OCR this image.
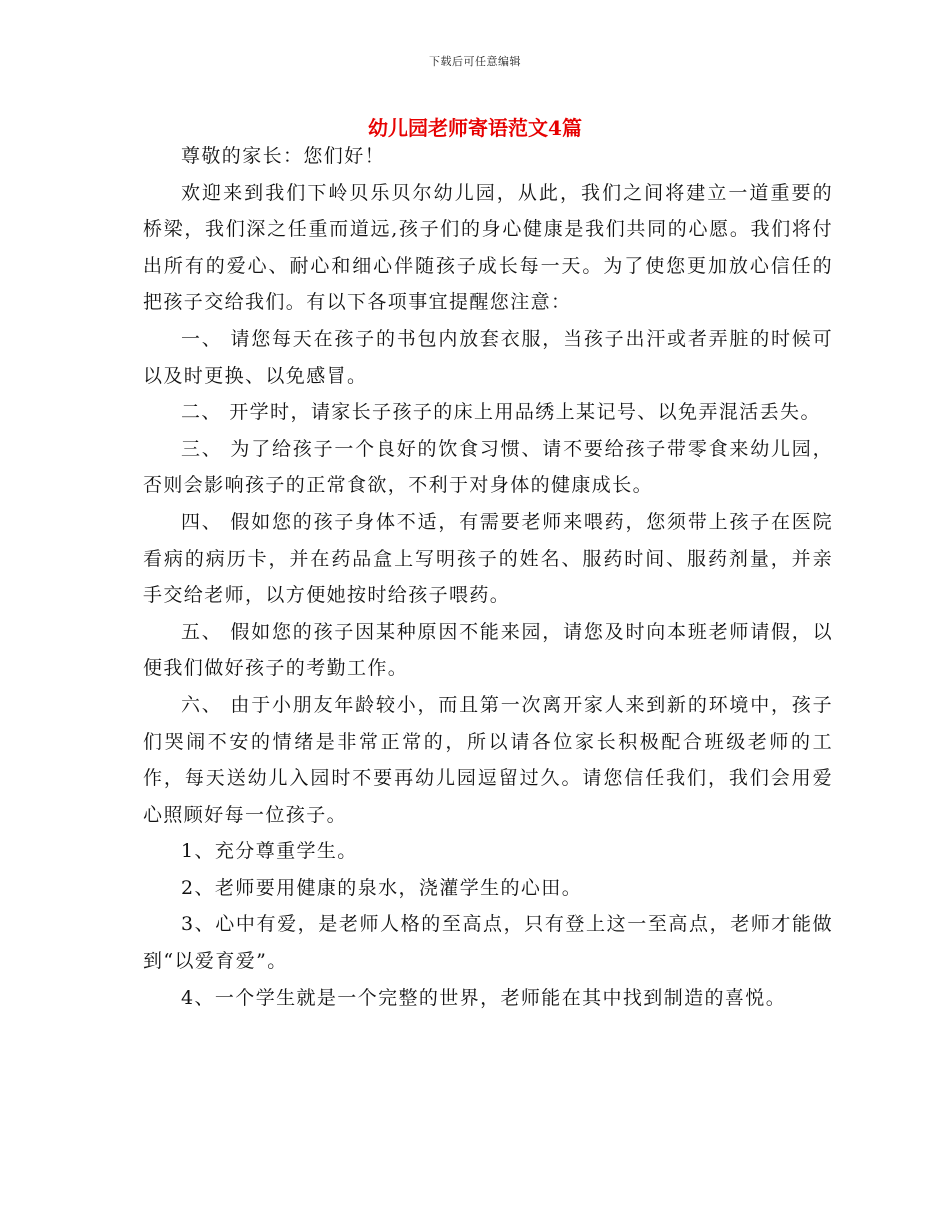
下载后可任意编辑
幼儿园老师寄语范文4篇

尊敬的家长：您们好！

欢迎来到我们下岭贝乐贝尔幼儿园，从此，我们之间将建立一道重要的桥梁，我们深之任重而道远,孩子们的身心健康是我们共同的心愿。我们将付出所有的爱心、耐心和细心伴随孩子成长每一天。为了使您更加放心信任的把孩子交给我们。有以下各项事宜提醒您注意：

一、 请您每天在孩子的书包内放套衣服，当孩子出汗或者弄脏的时候可以及时更换、以免感冒。

二、 开学时，请家长子孩子的床上用品绣上某记号、以免弄混活丢失。

三、 为了给孩子一个良好的饮食习惯、请不要给孩子带零食来幼儿园，否则会影响孩子的正常食欲，不利于对身体的健康成长。

四、 假如您的孩子身体不适，有需要老师来喂药，您须带上孩子在医院看病的病历卡，并在药品盒上写明孩子的姓名、服药时间、服药剂量，并亲手交给老师，以方便她按时给孩子喂药。

五、 假如您的孩子因某种原因不能来园，请您及时向本班老师请假，以便我们做好孩子的考勤工作。

六、 由于小朋友年龄较小，而且第一次离开家人来到新的环境中，孩子们哭闹不安的情绪是非常正常的，所以请各位家长积极配合班级老师的工作，每天送幼儿入园时不要再幼儿园逗留过久。请您信任我们，我们会用爱心照顾好每一位孩子。

1、充分尊重学生。

2、老师要用健康的泉水，浇灌学生的心田。

3、心中有爱，是老师人格的至高点，只有登上这一至高点，老师才能做到“以爱育爱”。

4、一个学生就是一个完整的世界，老师能在其中找到制造的喜悦。
